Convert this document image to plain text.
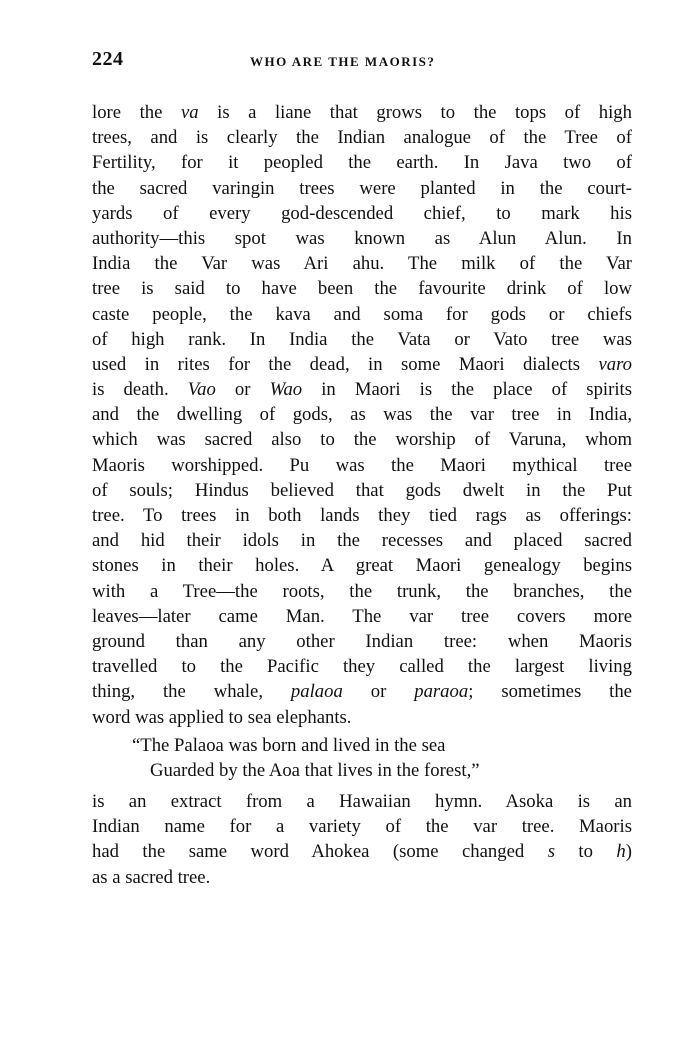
224	WHO ARE THE MAORIS?
lore the va is a liane that grows to the tops of high
trees, and is clearly the Indian analogue of the Tree of
Fertility, for it peopled the earth. In Java two of
the sacred varingin trees were planted in the court-
yards of every god-descended chief, to mark his
authority—this spot was known as Alun Alun. In
India the Var was Ari ahu. The milk of the Var
tree is said to have been the favourite drink of low
caste people, the kava and soma for gods or chiefs
of high rank. In India the Vata or Vato tree was
used in rites for the dead, in some Maori dialects varo
is death. Vao or Wao in Maori is the place of spirits
and the dwelling of gods, as was the var tree in India,
which was sacred also to the worship of Varuna, whom
Maoris worshipped. Pu was the Maori mythical tree
of souls; Hindus believed that gods dwelt in the Put
tree. To trees in both lands they tied rags as offerings:
and hid their idols in the recesses and placed sacred
stones in their holes. A great Maori genealogy begins
with a Tree—the roots, the trunk, the branches, the
leaves—later came Man. The var tree covers more
ground than any other Indian tree: when Maoris
travelled to the Pacific they called the largest living
thing, the whale, palaoa or paraoa; sometimes the
word was applied to sea elephants.
“The Palaoa was born and lived in the sea
Guarded by the Aoa that lives in the forest,”
is an extract from a Hawaiian hymn. Asoka is an
Indian name for a variety of the var tree. Maoris
had the same word Ahokea (some changed s to h)
as a sacred tree.
